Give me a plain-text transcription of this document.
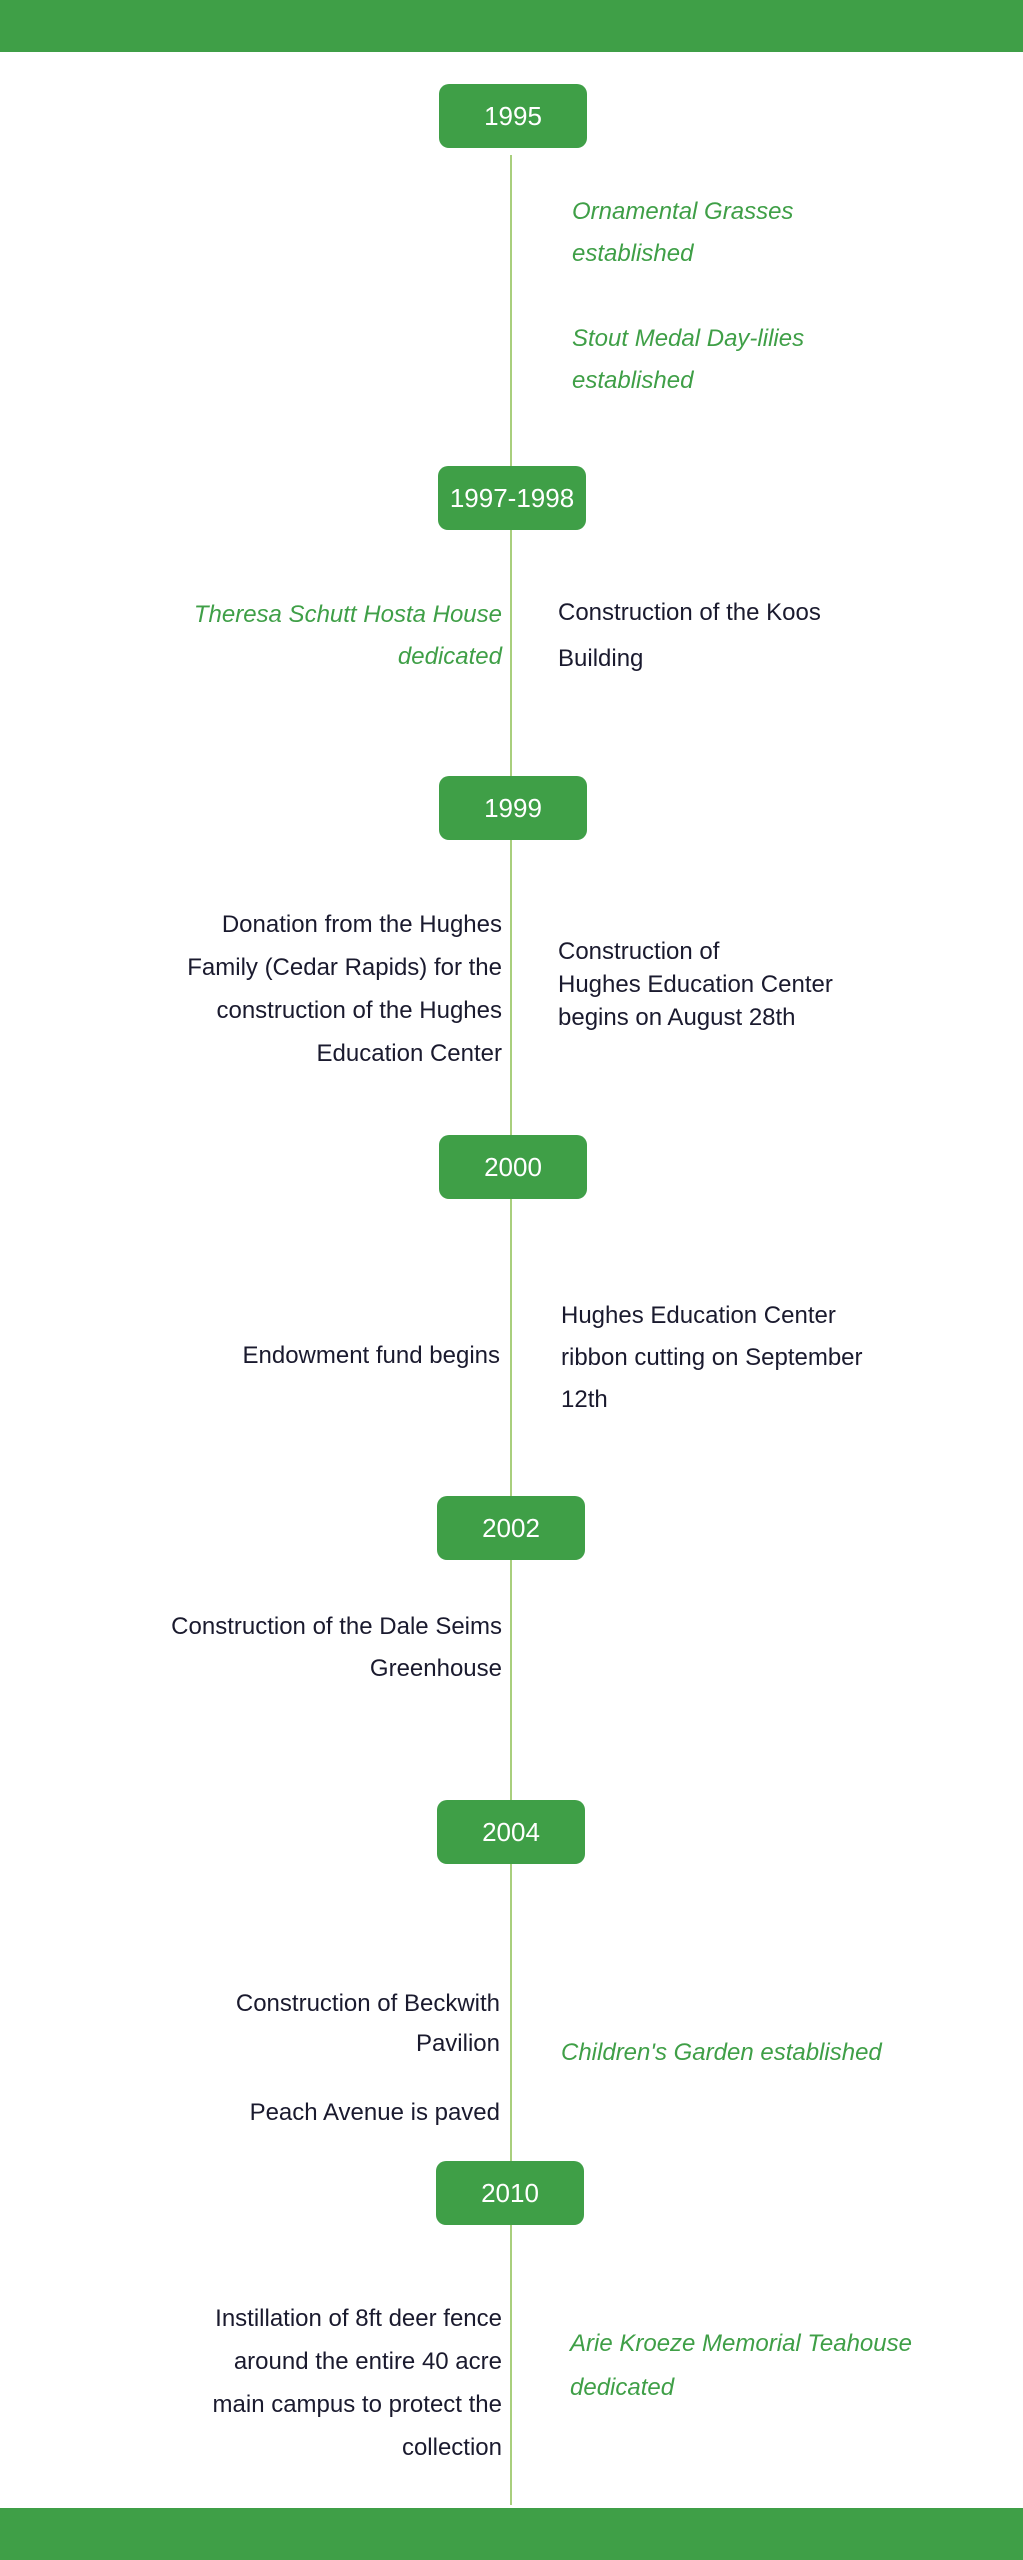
1995
1997-1998
1999
2000
2002
2004
2010
Ornamental Grasses
established
Stout Medal Day-lilies
established
Theresa Schutt Hosta House
dedicated
Construction of the Koos
Building
Donation from the Hughes
Family (Cedar Rapids) for the
construction of the Hughes
Education Center
Construction of
Hughes Education Center
begins on August 28th
Endowment fund begins
Hughes Education Center
ribbon cutting on September
12th
Construction of the Dale Seims
Greenhouse
Construction of Beckwith
Pavilion
Peach Avenue is paved
Children's Garden established
Instillation of 8ft deer fence
around the entire 40 acre
main campus to protect the
collection
Arie Kroeze Memorial Teahouse
dedicated
